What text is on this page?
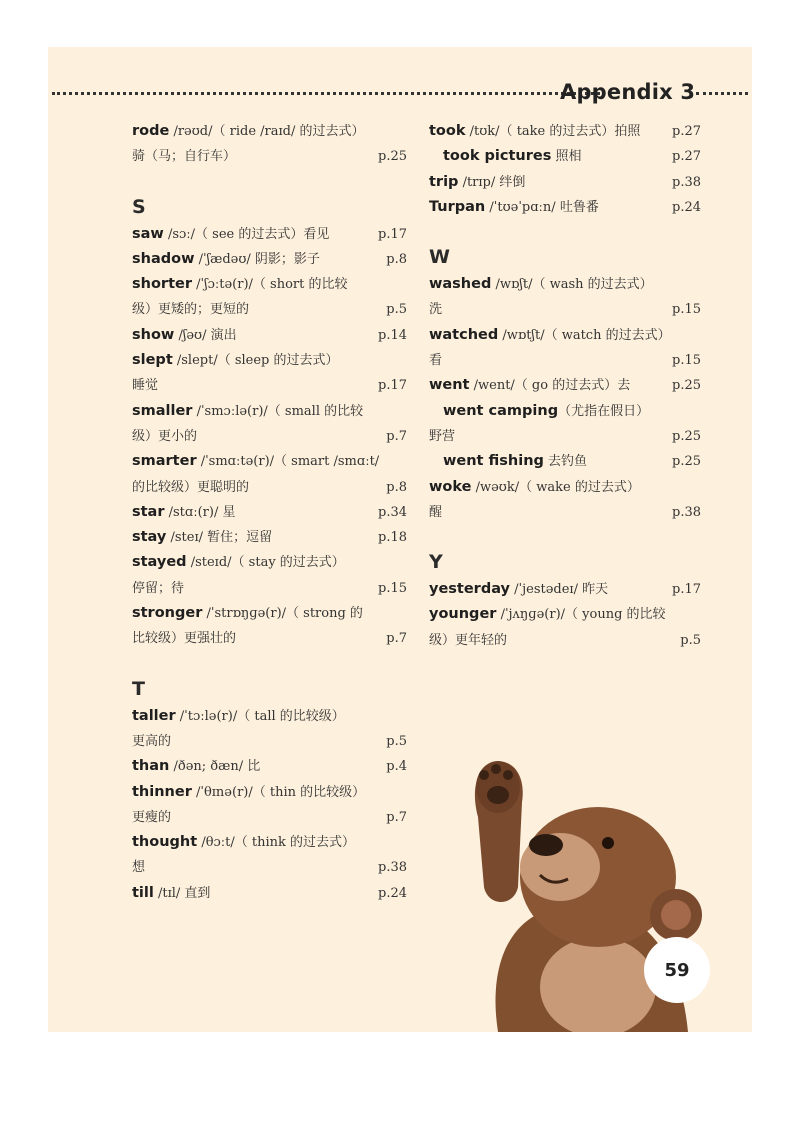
Appendix 3
rode /rəʊd/（ ride /raɪd/ 的过去式）
骑（马；自行车）	p.25
S
saw /sɔː/（ see 的过去式）看见	p.17
shadow /ˈʃædəʊ/ 阴影；影子	p.8
shorter /ˈʃɔːtə(r)/（ short 的比较
级）更矮的；更短的	p.5
show /ʃəʊ/ 演出	p.14
slept /slept/（ sleep 的过去式）
睡觉	p.17
smaller /ˈsmɔːlə(r)/（ small 的比较
级）更小的	p.7
smarter /ˈsmɑːtə(r)/（ smart /smɑːt/
的比较级）更聪明的	p.8
star /stɑː(r)/ 星	p.34
stay /steɪ/ 暂住；逗留	p.18
stayed /steɪd/（ stay 的过去式）
停留；待	p.15
stronger /ˈstrɒŋɡə(r)/（ strong 的
比较级）更强壮的	p.7
T
taller /ˈtɔːlə(r)/（ tall 的比较级）
更高的	p.5
than /ðən; ðæn/ 比	p.4
thinner /ˈθɪnə(r)/（ thin 的比较级）
更瘦的	p.7
thought /θɔːt/（ think 的过去式）
想	p.38
till /tɪl/ 直到	p.24
took /tʊk/（ take 的过去式）拍照 p.27
took pictures 照相	p.27
trip /trɪp/ 绊倒	p.38
Turpan /ˈtʊəˈpɑːn/ 吐鲁番	p.24
W
washed /wɒʃt/（ wash 的过去式）
洗	p.15
watched /wɒtʃt/（ watch 的过去式）
看	p.15
went /went/（ go 的过去式）去	p.25
went camping（尤指在假日）
野营	p.25
went fishing 去钓鱼	p.25
woke /wəʊk/（ wake 的过去式）
醒	p.38
Y
yesterday /ˈjestədeɪ/ 昨天	p.17
younger /ˈjʌŋɡə(r)/（ young 的比较
级）更年轻的	p.5
59
